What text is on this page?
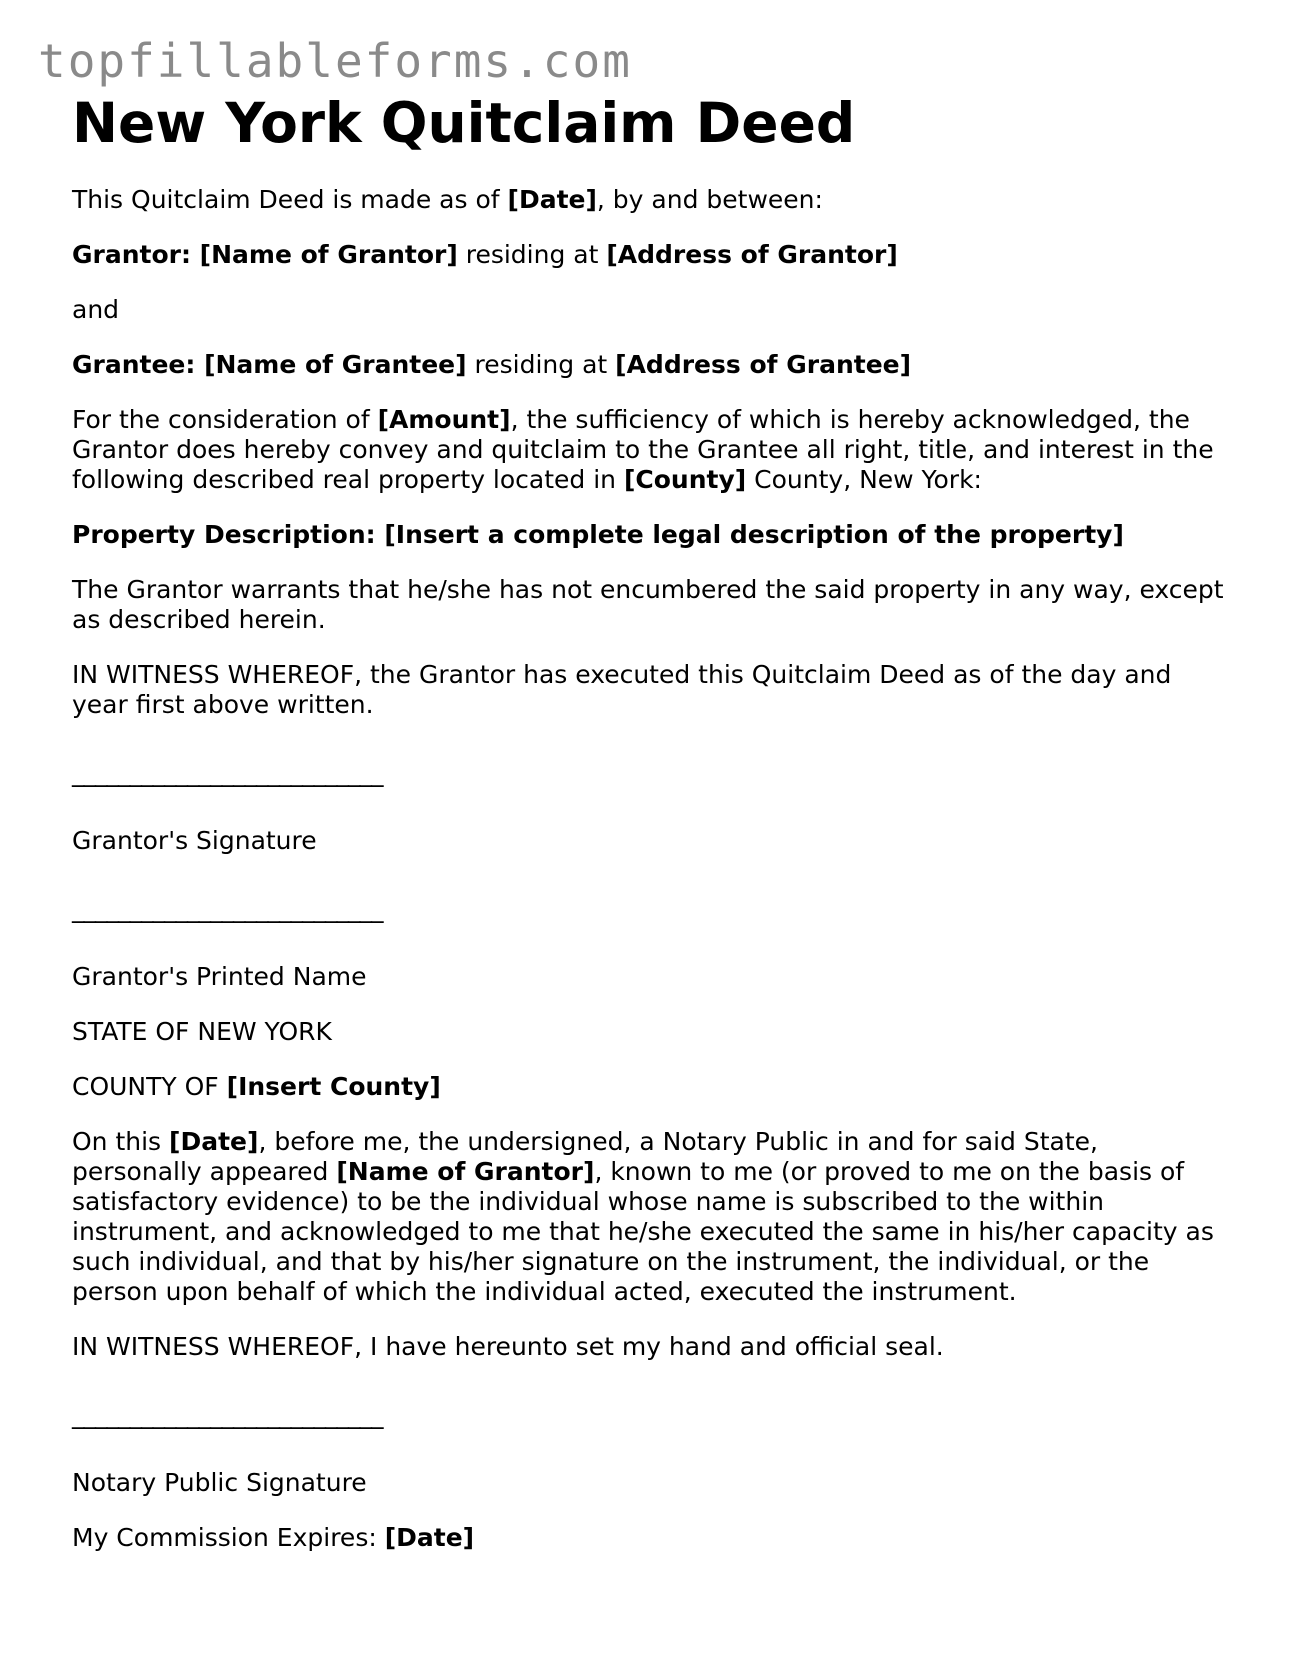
topfillableforms.com
New York Quitclaim Deed

This Quitclaim Deed is made as of [Date], by and between:

Grantor: [Name of Grantor] residing at [Address of Grantor]

and

Grantee: [Name of Grantee] residing at [Address of Grantee]

For the consideration of [Amount], the sufficiency of which is hereby acknowledged, the Grantor does hereby convey and quitclaim to the Grantee all right, title, and interest in the following described real property located in [County] County, New York:

Property Description: [Insert a complete legal description of the property]

The Grantor warrants that he/she has not encumbered the said property in any way, except as described herein.

IN WITNESS WHEREOF, the Grantor has executed this Quitclaim Deed as of the day and year first above written.

___________________________

Grantor's Signature

___________________________

Grantor's Printed Name

STATE OF NEW YORK

COUNTY OF [Insert County]

On this [Date], before me, the undersigned, a Notary Public in and for said State, personally appeared [Name of Grantor], known to me (or proved to me on the basis of satisfactory evidence) to be the individual whose name is subscribed to the within instrument, and acknowledged to me that he/she executed the same in his/her capacity as such individual, and that by his/her signature on the instrument, the individual, or the person upon behalf of which the individual acted, executed the instrument.

IN WITNESS WHEREOF, I have hereunto set my hand and official seal.

___________________________

Notary Public Signature

My Commission Expires: [Date]
